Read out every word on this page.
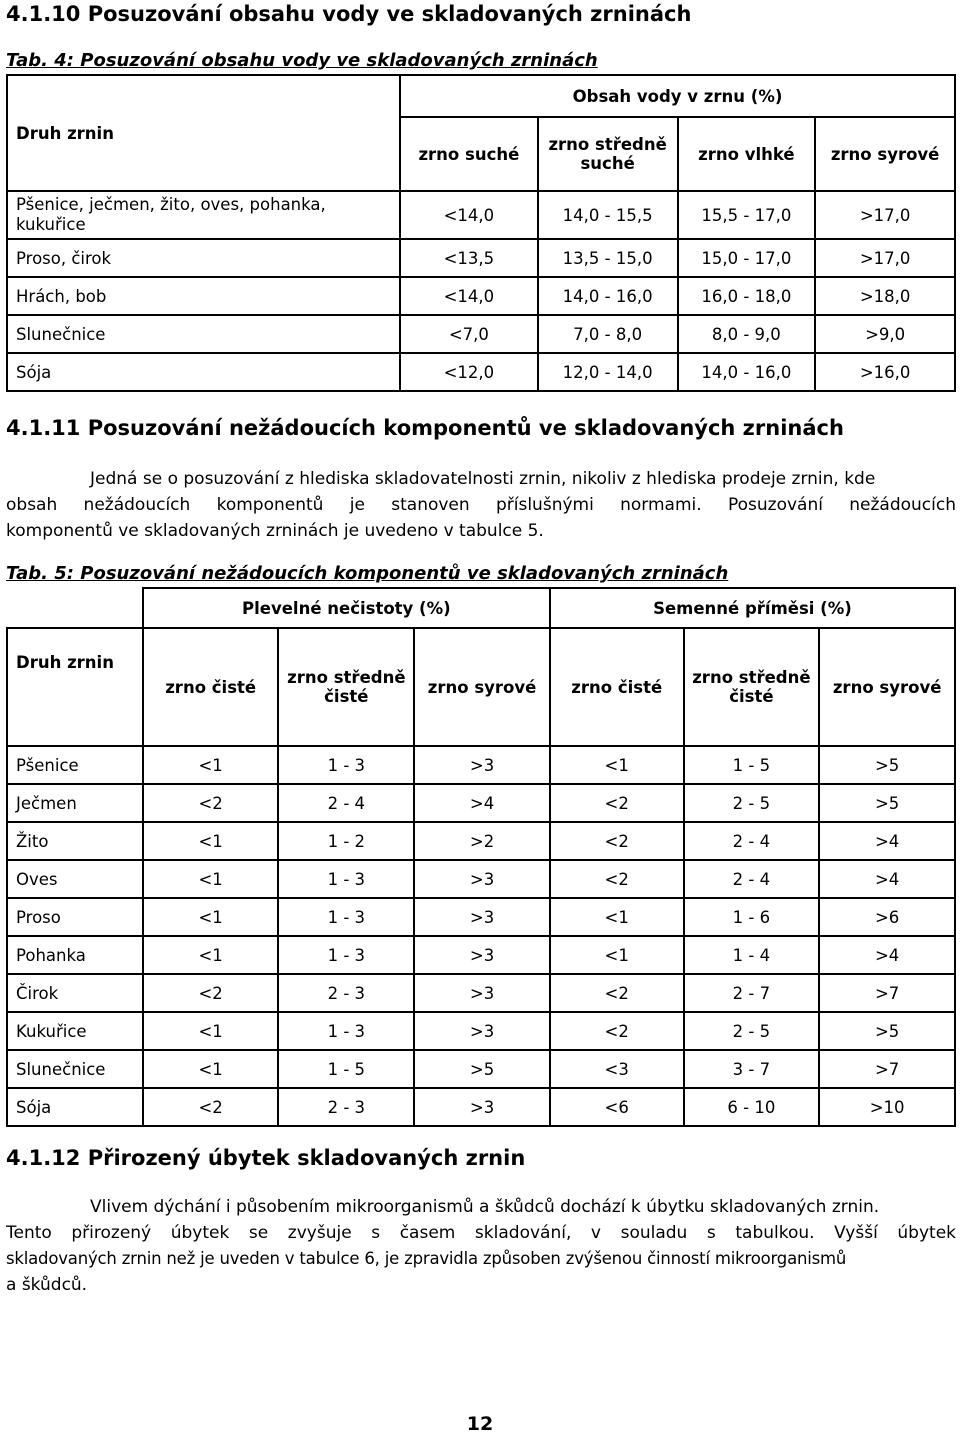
4.1.10 Posuzování obsahu vody ve skladovaných zrninách
Tab. 4: Posuzování obsahu vody ve skladovaných zrninách
Druh zrnin	Obsah vody v zrnu (%)			
	zrno suché	zrno středně suché	zrno vlhké	zrno syrové
Pšenice, ječmen, žito, oves, pohanka, kukuřice	<14,0	14,0 - 15,5	15,5 - 17,0	>17,0
Proso, čirok	<13,5	13,5 - 15,0	15,0 - 17,0	>17,0
Hrách, bob	<14,0	14,0 - 16,0	16,0 - 18,0	>18,0
Slunečnice	<7,0	7,0 - 8,0	8,0 - 9,0	>9,0
Sója	<12,0	12,0 - 14,0	14,0 - 16,0	>16,0
4.1.11 Posuzování nežádoucích komponentů ve skladovaných zrninách
Jedná se o posuzování z hlediska skladovatelnosti zrnin, nikoliv z hlediska prodeje zrnin, kde
obsah nežádoucích komponentů je stanoven příslušnými normami. Posuzování nežádoucích
komponentů ve skladovaných zrninách je uvedeno v tabulce 5.
Tab. 5: Posuzování nežádoucích komponentů ve skladovaných zrninách
	Plevelné nečistoty (%)			Semenné příměsi (%)		
Druh zrnin	zrno čisté	zrno středně čisté	zrno syrové	zrno čisté	zrno středně čisté	zrno syrové
Pšenice	<1	1 - 3	>3	<1	1 - 5	>5
Ječmen	<2	2 - 4	>4	<2	2 - 5	>5
Žito	<1	1 - 2	>2	<2	2 - 4	>4
Oves	<1	1 - 3	>3	<2	2 - 4	>4
Proso	<1	1 - 3	>3	<1	1 - 6	>6
Pohanka	<1	1 - 3	>3	<1	1 - 4	>4
Čirok	<2	2 - 3	>3	<2	2 - 7	>7
Kukuřice	<1	1 - 3	>3	<2	2 - 5	>5
Slunečnice	<1	1 - 5	>5	<3	3 - 7	>7
Sója	<2	2 - 3	>3	<6	6 - 10	>10
4.1.12 Přirozený úbytek skladovaných zrnin
Vlivem dýchání i působením mikroorganismů a škůdců dochází k úbytku skladovaných zrnin.
Tento přirozený úbytek se zvyšuje s časem skladování, v souladu s tabulkou. Vyšší úbytek
skladovaných zrnin než je uveden v tabulce 6, je zpravidla způsoben zvýšenou činností mikroorganismů
a škůdců.
12
